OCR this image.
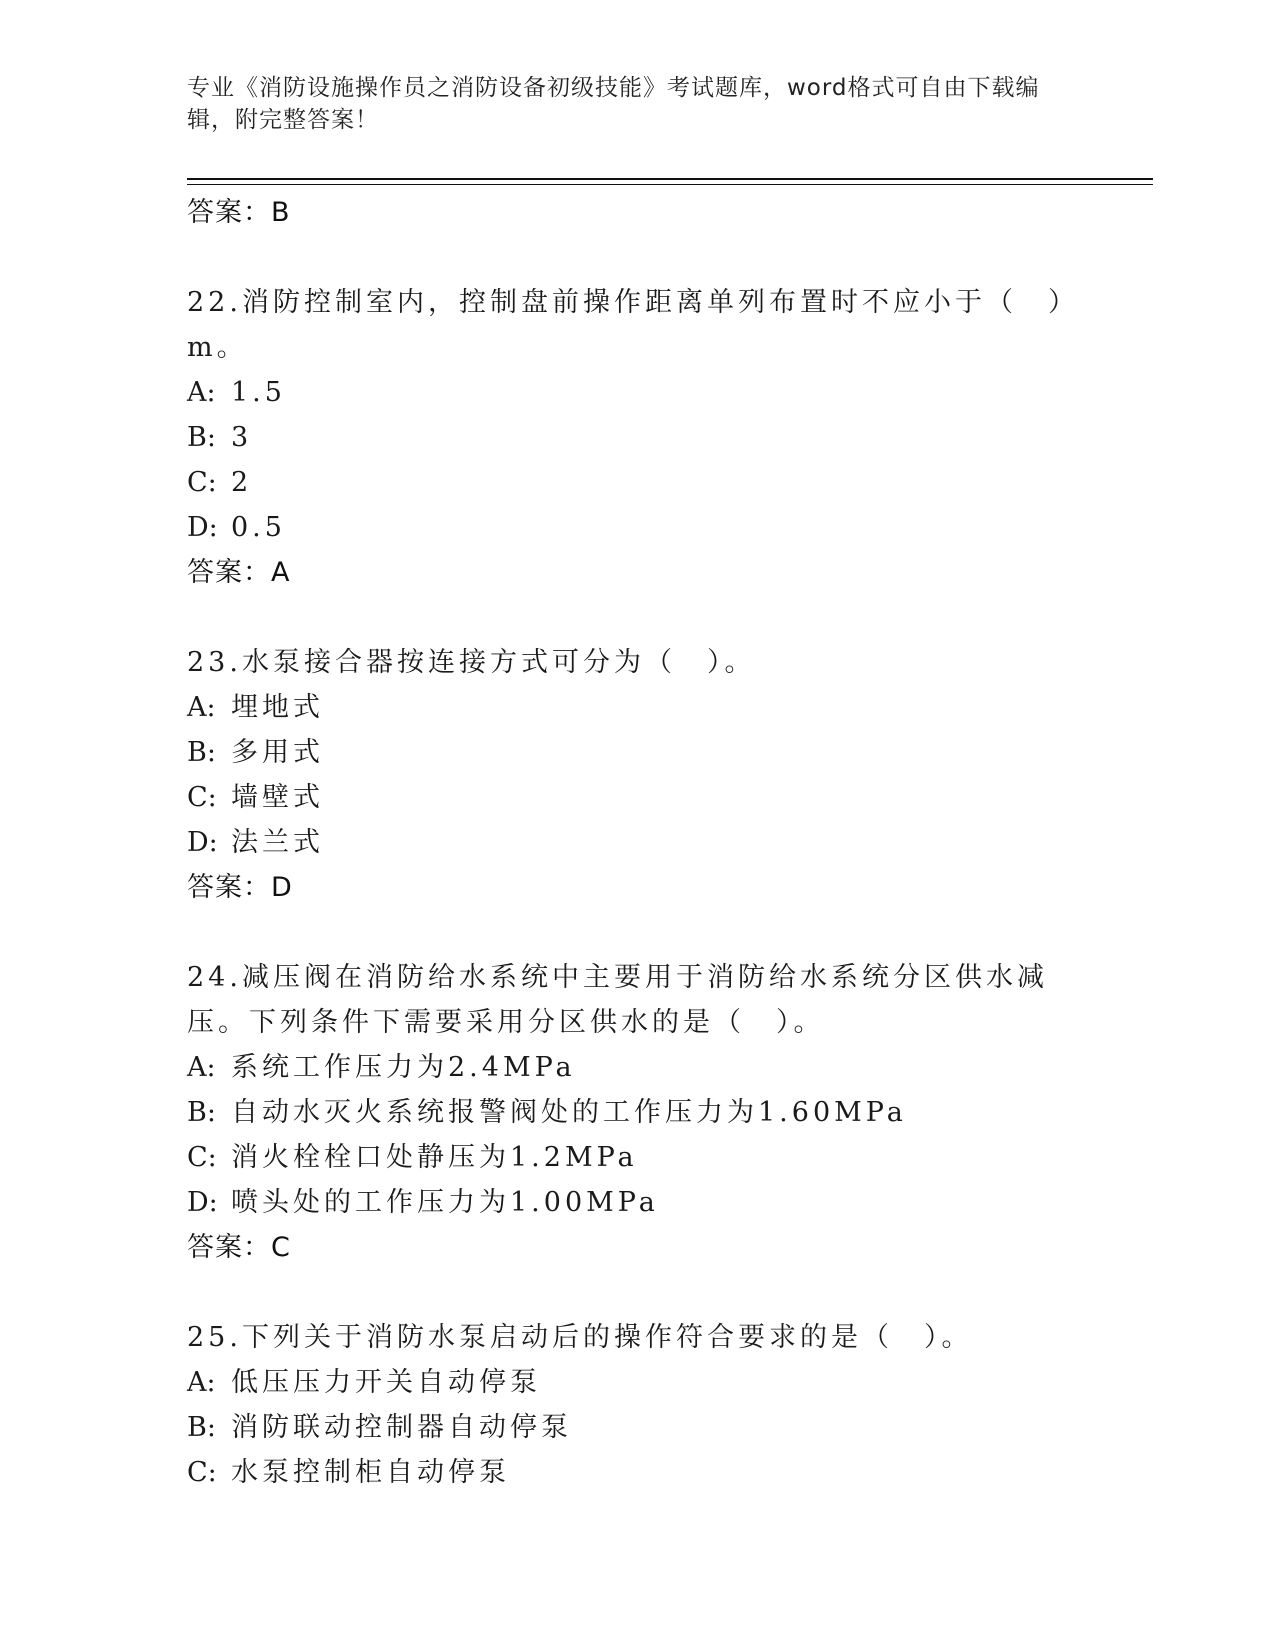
专业《消防设施操作员之消防设备初级技能》考试题库，word格式可自由下载编辑，附完整答案！

答案：B

22.消防控制室内，控制盘前操作距离单列布置时不应小于（　）m。

A: 1.5

B: 3

C: 2

D: 0.5

答案：A

23.水泵接合器按连接方式可分为（　）。

A: 埋地式

B: 多用式

C: 墙壁式

D: 法兰式

答案：D

24.减压阀在消防给水系统中主要用于消防给水系统分区供水减压。下列条件下需要采用分区供水的是（　）。

A: 系统工作压力为2.4MPa

B: 自动水灭火系统报警阀处的工作压力为1.60MPa

C: 消火栓栓口处静压为1.2MPa

D: 喷头处的工作压力为1.00MPa

答案：C

25.下列关于消防水泵启动后的操作符合要求的是（　）。

A: 低压压力开关自动停泵

B: 消防联动控制器自动停泵

C: 水泵控制柜自动停泵
